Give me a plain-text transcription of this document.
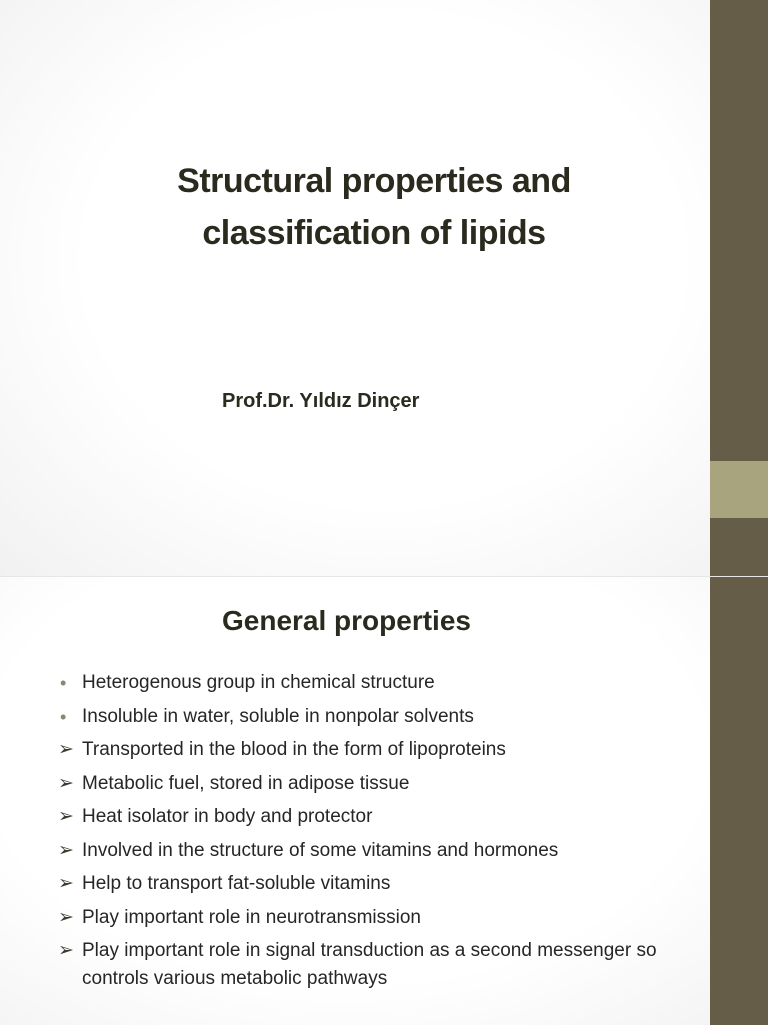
Structural properties and
classification of lipids
Prof.Dr. Yıldız Dinçer
General properties
• Heterogenous group in chemical structure
• Insoluble in water, soluble in nonpolar solvents
➢ Transported in the blood in the form of lipoproteins
➢ Metabolic fuel, stored in adipose tissue
➢ Heat isolator in body and protector
➢ Involved in the structure of some vitamins and hormones
➢ Help to transport fat-soluble vitamins
➢ Play important role in neurotransmission
➢ Play important role in signal transduction as a second messenger so controls various metabolic pathways
